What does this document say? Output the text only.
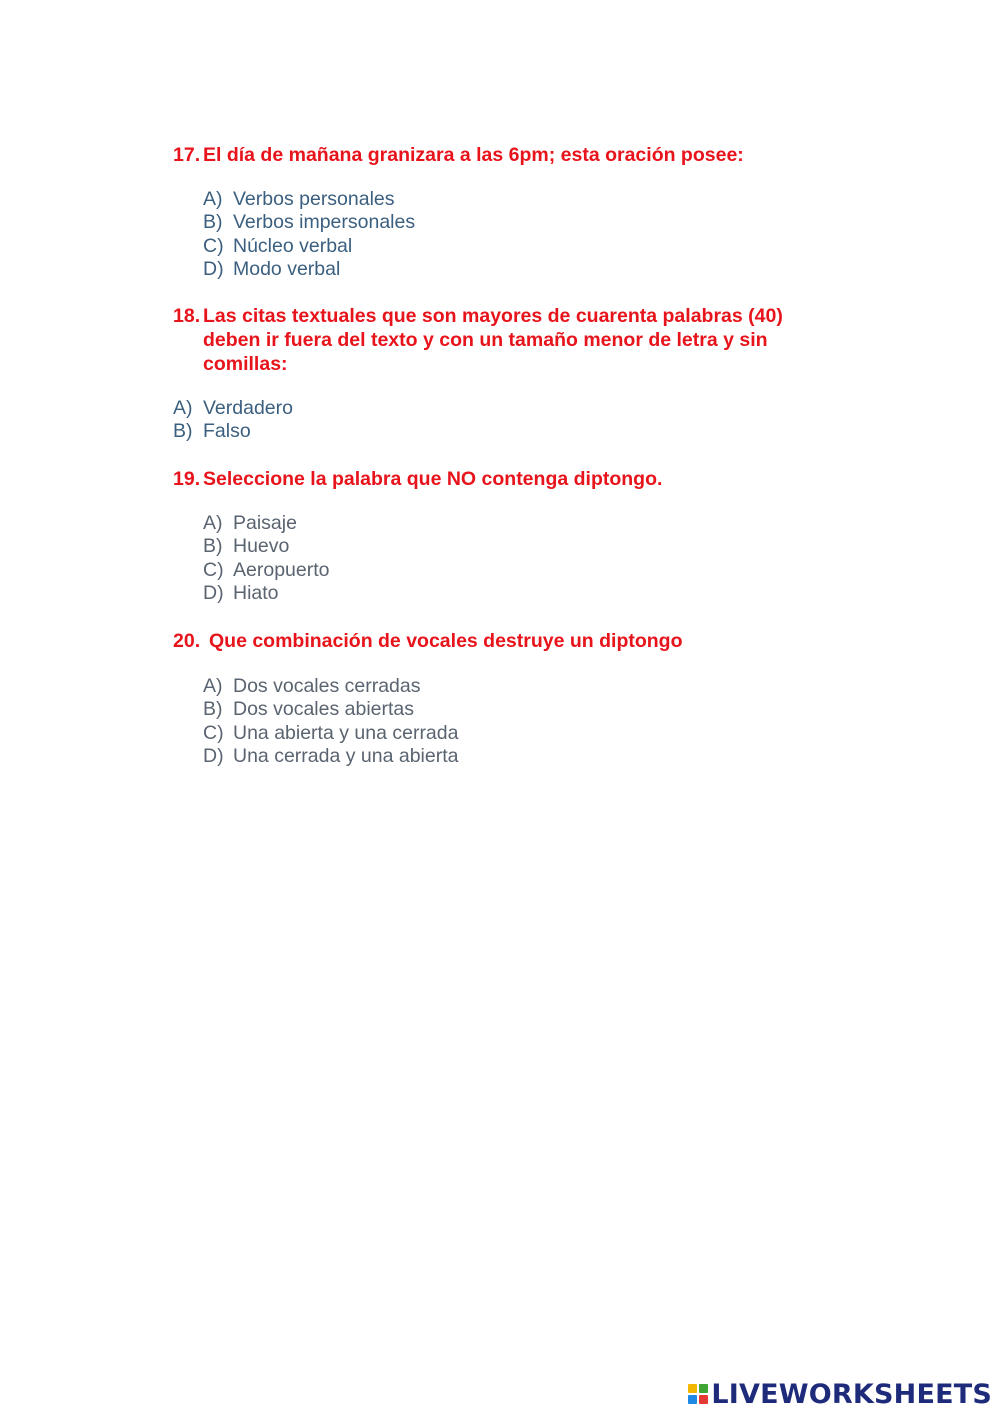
17. El día de mañana granizara a las 6pm; esta oración posee:
A) Verbos personales
B) Verbos impersonales
C) Núcleo verbal
D) Modo verbal
18. Las citas textuales que son mayores de cuarenta palabras (40) deben ir fuera del texto y con un tamaño menor de letra y sin comillas:
A) Verdadero
B) Falso
19. Seleccione la palabra que NO contenga diptongo.
A) Paisaje
B) Huevo
C) Aeropuerto
D) Hiato
20. Que combinación de vocales destruye un diptongo
A) Dos vocales cerradas
B) Dos vocales abiertas
C) Una abierta y una cerrada
D) Una cerrada y una abierta
LIVEWORKSHEETS
